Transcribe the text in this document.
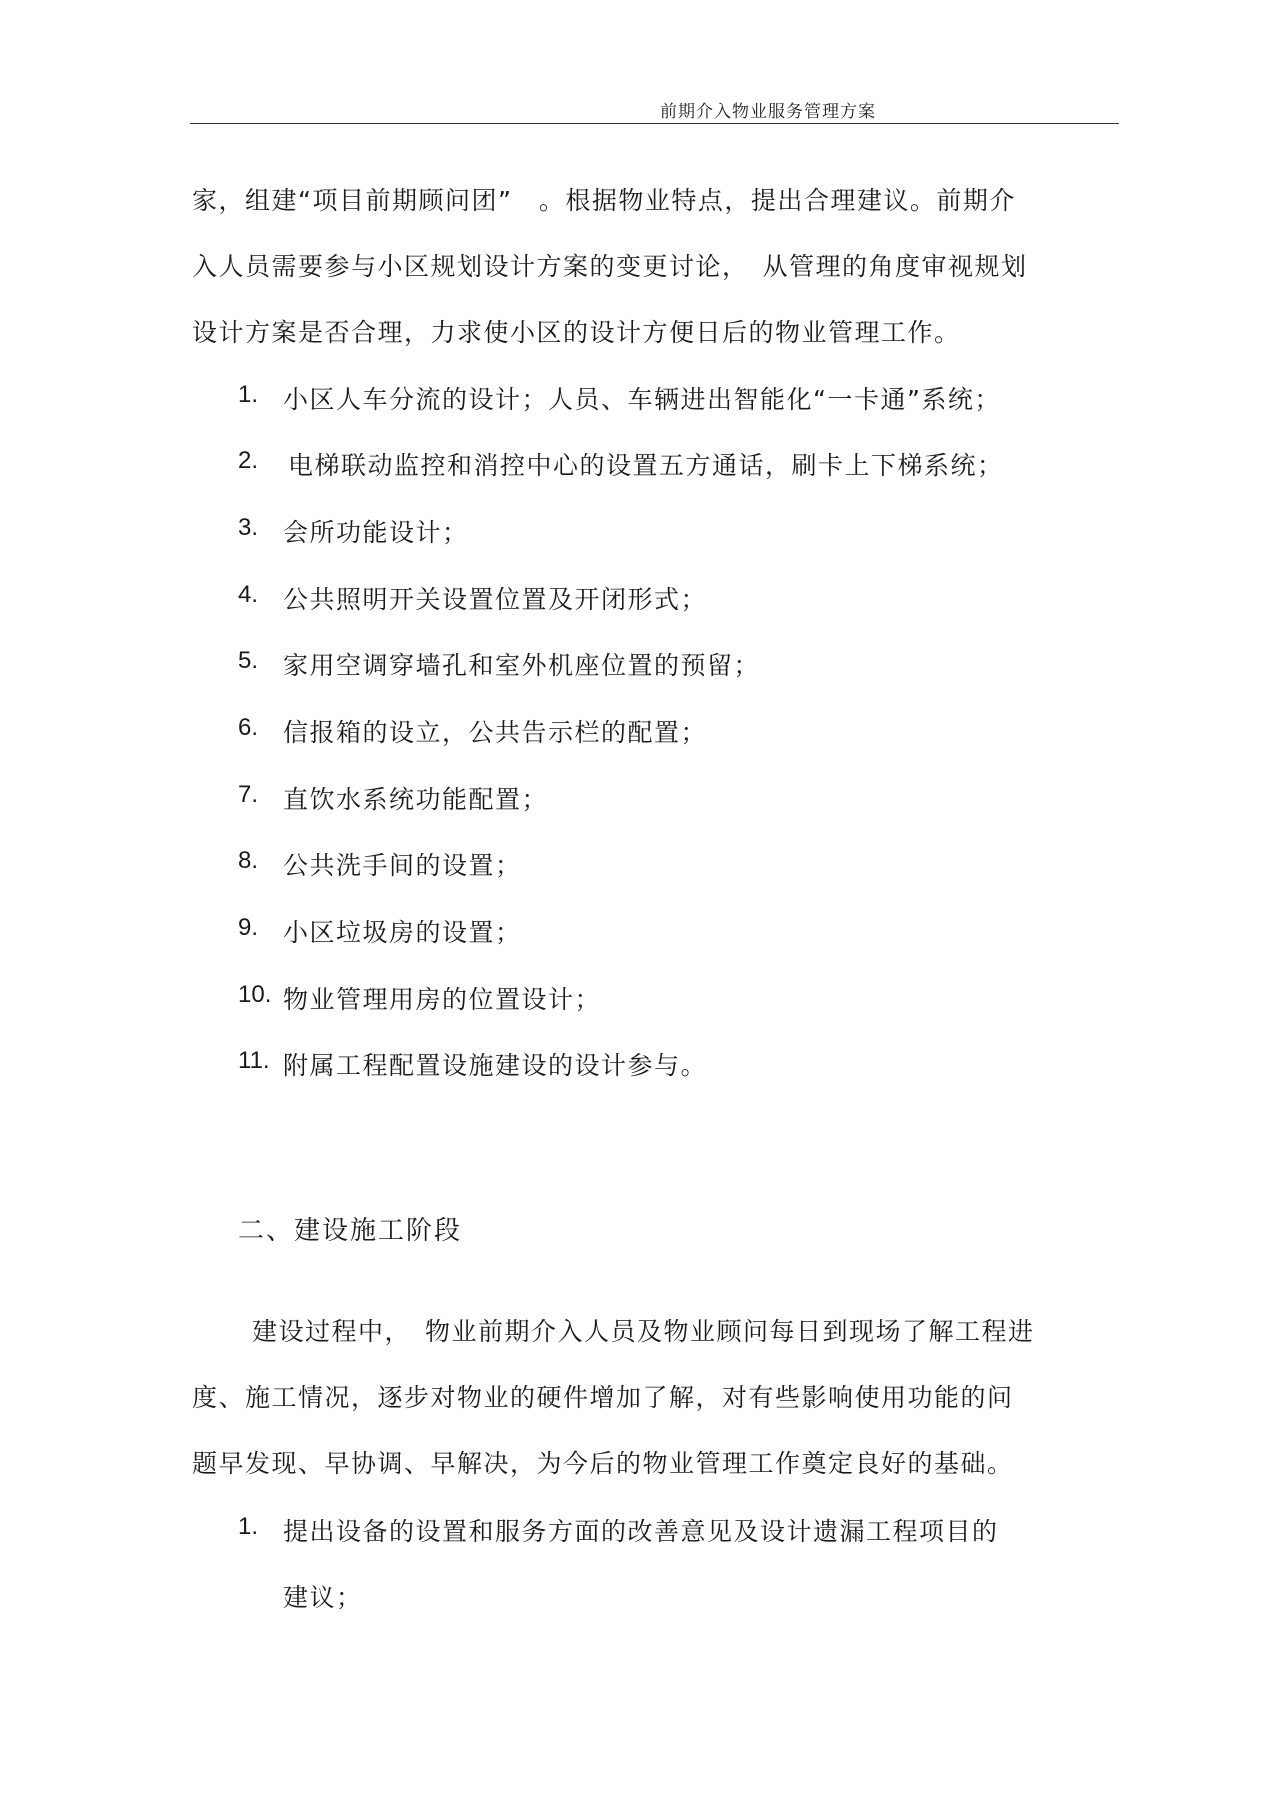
前期介入物业服务管理方案
家，组建“项目前期顾问团”　。根据物业特点，提出合理建议。前期介
入人员需要参与小区规划设计方案的变更讨论，　从管理的角度审视规划
设计方案是否合理，力求使小区的设计方便日后的物业管理工作。
1. 小区人车分流的设计；人员、车辆进出智能化“一卡通”系统；
2. 电梯联动监控和消控中心的设置五方通话，刷卡上下梯系统；
3. 会所功能设计；
4. 公共照明开关设置位置及开闭形式；
5. 家用空调穿墙孔和室外机座位置的预留；
6. 信报箱的设立，公共告示栏的配置；
7. 直饮水系统功能配置；
8. 公共洗手间的设置；
9. 小区垃圾房的设置；
10. 物业管理用房的位置设计；
11. 附属工程配置设施建设的设计参与。
二、建设施工阶段
建设过程中，　物业前期介入人员及物业顾问每日到现场了解工程进
度、施工情况，逐步对物业的硬件增加了解，对有些影响使用功能的问
题早发现、早协调、早解决，为今后的物业管理工作奠定良好的基础。
1. 提出设备的设置和服务方面的改善意见及设计遗漏工程项目的
建议；
